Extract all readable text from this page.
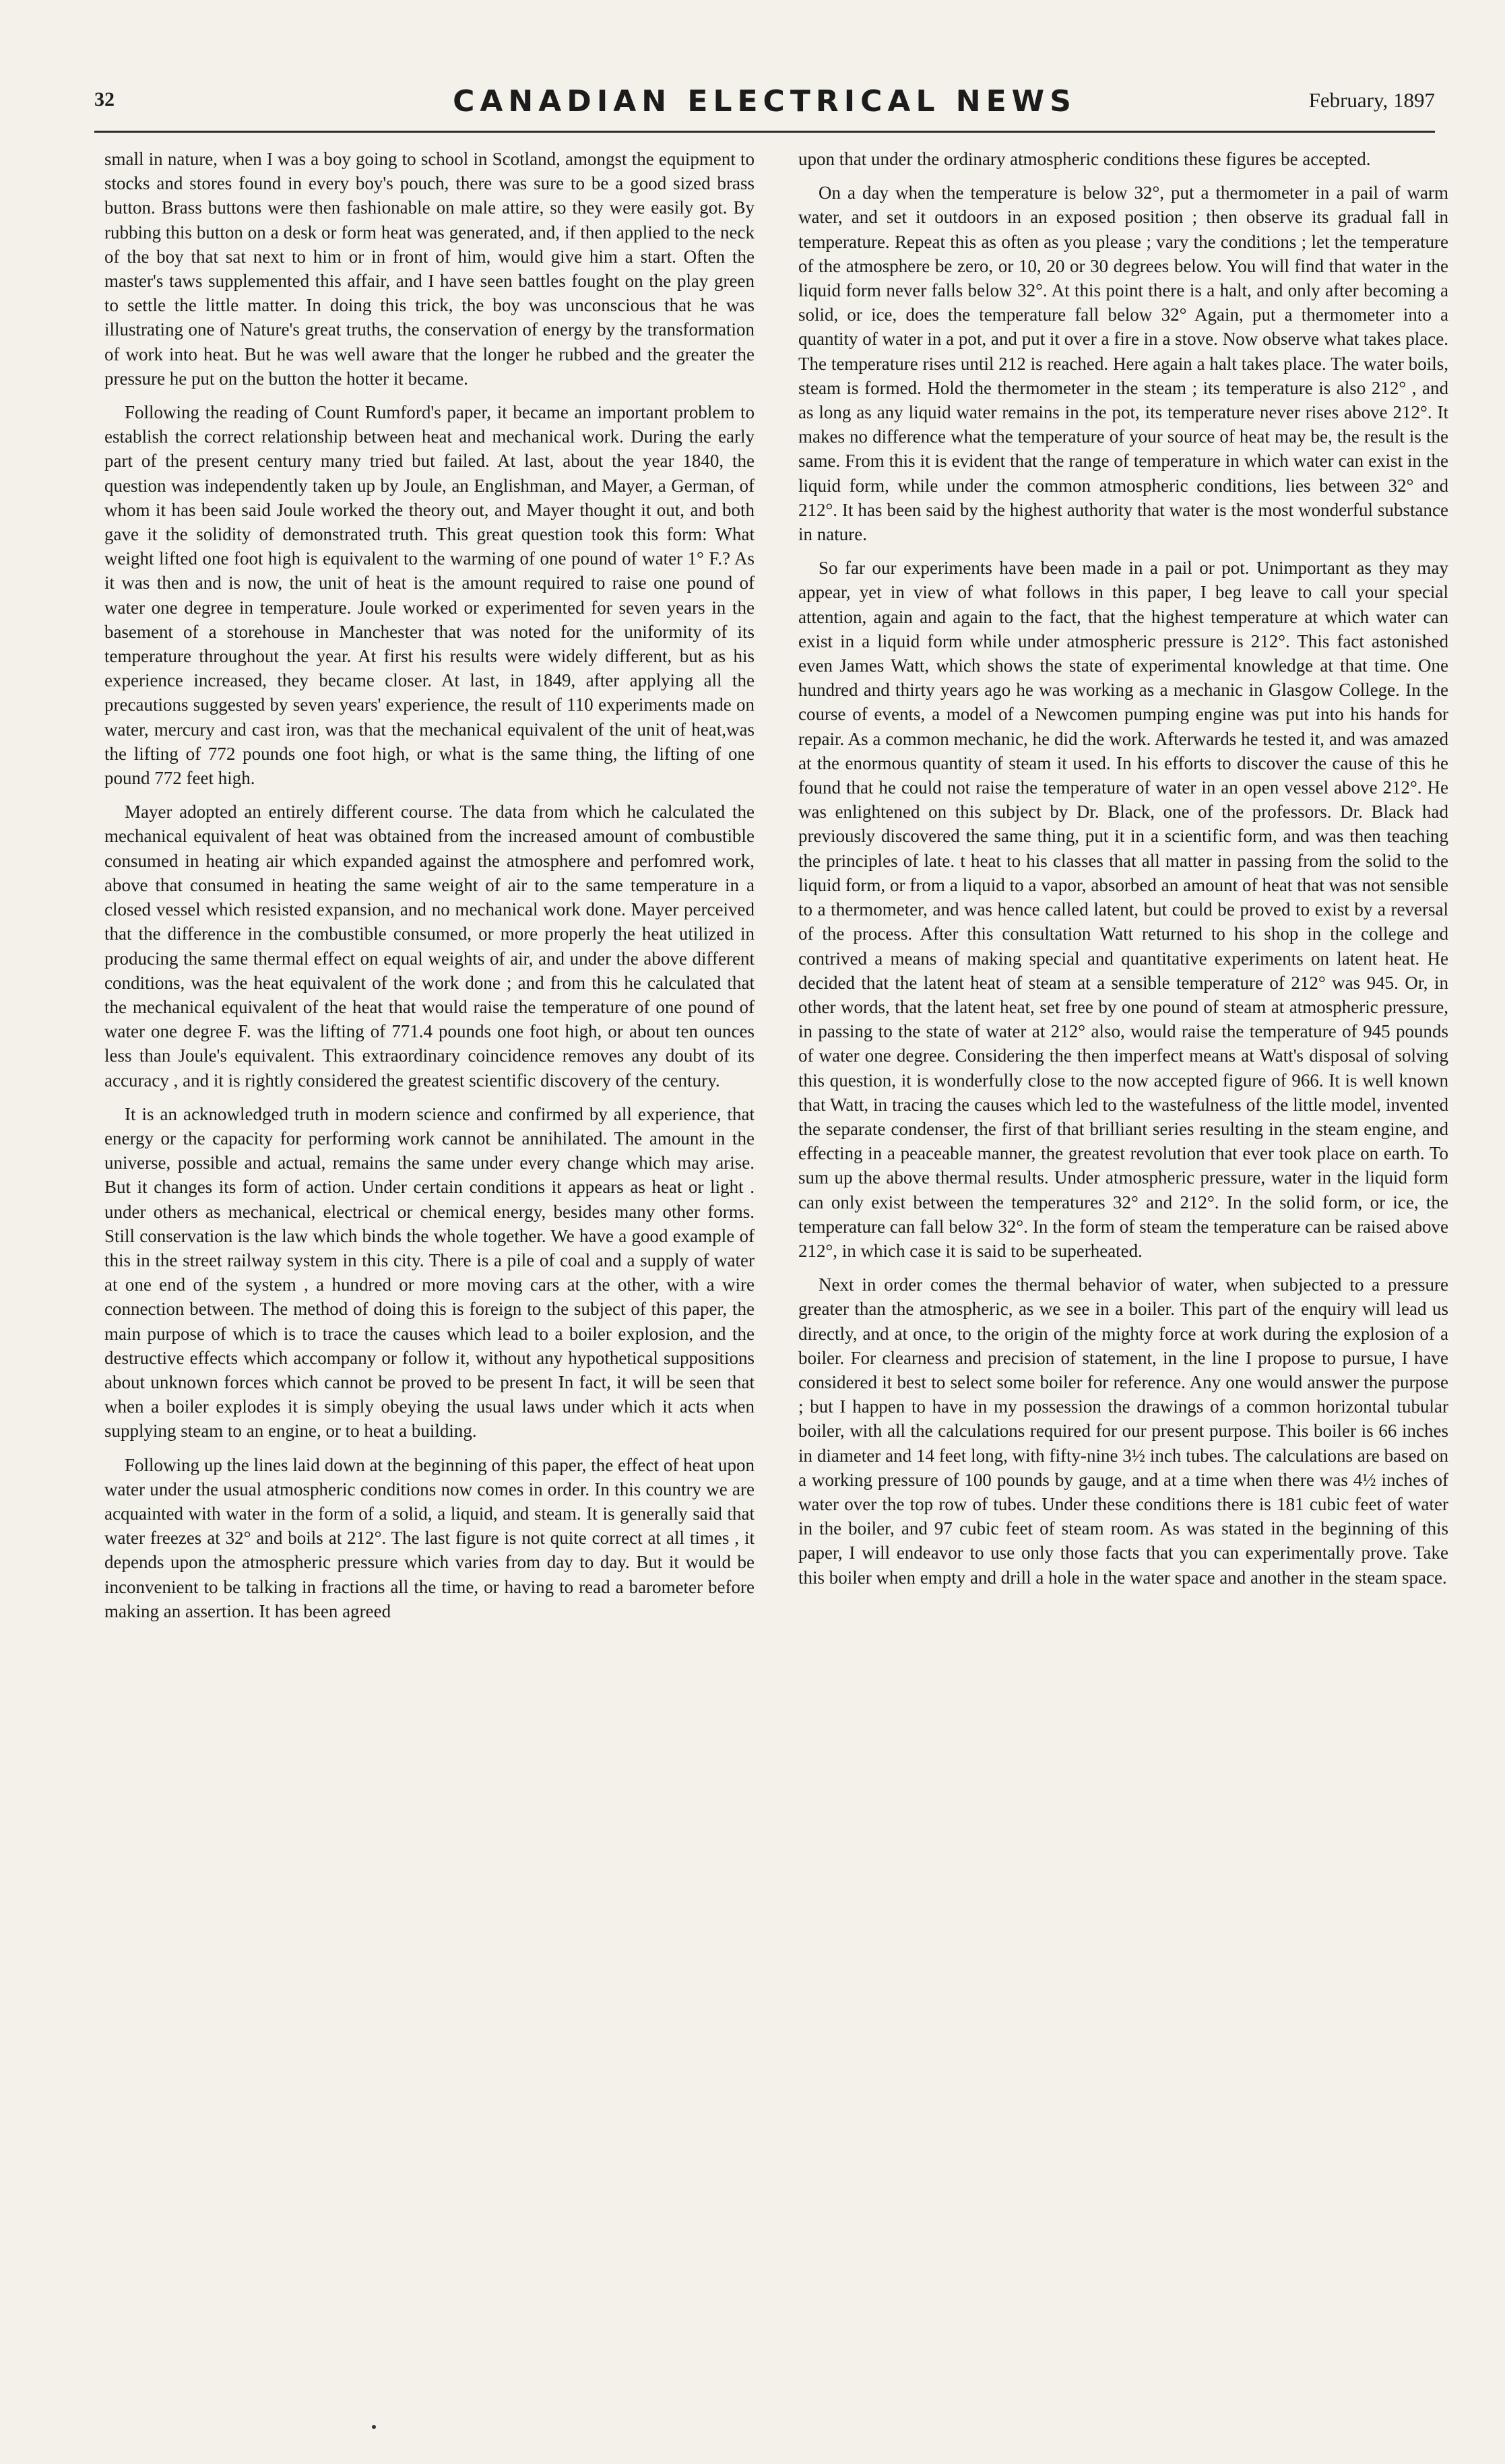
32	CANADIAN ELECTRICAL NEWS	February, 1897

small in nature, when I was a boy going to school in Scotland, amongst the equipment to stocks and stores found in every boy's pouch, there was sure to be a good sized brass button. Brass buttons were then fashionable on male attire, so they were easily got. By rubbing this button on a desk or form heat was generated, and, if then applied to the neck of the boy that sat next to him or in front of him, would give him a start. Often the master's taws supplemented this affair, and I have seen battles fought on the play green to settle the little matter. In doing this trick, the boy was unconscious that he was illustrating one of Nature's great truths, the conservation of energy by the transformation of work into heat. But he was well aware that the longer he rubbed and the greater the pressure he put on the button the hotter it became.

Following the reading of Count Rumford's paper, it became an important problem to establish the correct relationship between heat and mechanical work. During the early part of the present century many tried but failed. At last, about the year 1840, the question was independently taken up by Joule, an Englishman, and Mayer, a German, of whom it has been said Joule worked the theory out, and Mayer thought it out, and both gave it the solidity of demonstrated truth. This great question took this form: What weight lifted one foot high is equivalent to the warming of one pound of water 1° F.? As it was then and is now, the unit of heat is the amount required to raise one pound of water one degree in temperature. Joule worked or experimented for seven years in the basement of a storehouse in Manchester that was noted for the uniformity of its temperature throughout the year. At first his results were widely different, but as his experience increased, they became closer. At last, in 1849, after applying all the precautions suggested by seven years' experience, the result of 110 experiments made on water, mercury and cast iron, was that the mechanical equivalent of the unit of heat,was the lifting of 772 pounds one foot high, or what is the same thing, the lifting of one pound 772 feet high.

Mayer adopted an entirely different course. The data from which he calculated the mechanical equivalent of heat was obtained from the increased amount of combustible consumed in heating air which expanded against the atmosphere and perfomred work, above that consumed in heating the same weight of air to the same temperature in a closed vessel which resisted expansion, and no mechanical work done. Mayer perceived that the difference in the combustible consumed, or more properly the heat utilized in producing the same thermal effect on equal weights of air, and under the above different conditions, was the heat equivalent of the work done ; and from this he calculated that the mechanical equivalent of the heat that would raise the temperature of one pound of water one degree F. was the lifting of 771.4 pounds one foot high, or about ten ounces less than Joule's equivalent. This extraordinary coincidence removes any doubt of its accuracy , and it is rightly considered the greatest scientific discovery of the century.

It is an acknowledged truth in modern science and confirmed by all experience, that energy or the capacity for performing work cannot be annihilated. The amount in the universe, possible and actual, remains the same under every change which may arise. But it changes its form of action. Under certain conditions it appears as heat or light . under others as mechanical, electrical or chemical energy, besides many other forms. Still conservation is the law which binds the whole together. We have a good example of this in the street railway system in this city. There is a pile of coal and a supply of water at one end of the system , a hundred or more moving cars at the other, with a wire connection between. The method of doing this is foreign to the subject of this paper, the main purpose of which is to trace the causes which lead to a boiler explosion, and the destructive effects which accompany or follow it, without any hypothetical suppositions about unknown forces which cannot be proved to be present In fact, it will be seen that when a boiler explodes it is simply obeying the usual laws under which it acts when supplying steam to an engine, or to heat a building.

Following up the lines laid down at the beginning of this paper, the effect of heat upon water under the usual atmospheric conditions now comes in order. In this country we are acquainted with water in the form of a solid, a liquid, and steam. It is generally said that water freezes at 32° and boils at 212°. The last figure is not quite correct at all times , it depends upon the atmospheric pressure which varies from day to day. But it would be inconvenient to be talking in fractions all the time, or having to read a barometer before making an assertion. It has been agreed

upon that under the ordinary atmospheric conditions these figures be accepted.

On a day when the temperature is below 32°, put a thermometer in a pail of warm water, and set it outdoors in an exposed position ; then observe its gradual fall in temperature. Repeat this as often as you please ; vary the conditions ; let the temperature of the atmosphere be zero, or 10, 20 or 30 degrees below. You will find that water in the liquid form never falls below 32°. At this point there is a halt, and only after becoming a solid, or ice, does the temperature fall below 32° Again, put a thermometer into a quantity of water in a pot, and put it over a fire in a stove. Now observe what takes place. The temperature rises until 212 is reached. Here again a halt takes place. The water boils, steam is formed. Hold the thermometer in the steam ; its temperature is also 212° , and as long as any liquid water remains in the pot, its temperature never rises above 212°. It makes no difference what the temperature of your source of heat may be, the result is the same. From this it is evident that the range of temperature in which water can exist in the liquid form, while under the common atmospheric conditions, lies between 32° and 212°. It has been said by the highest authority that water is the most wonderful substance in nature.

So far our experiments have been made in a pail or pot. Unimportant as they may appear, yet in view of what follows in this paper, I beg leave to call your special attention, again and again to the fact, that the highest temperature at which water can exist in a liquid form while under atmospheric pressure is 212°. This fact astonished even James Watt, which shows the state of experimental knowledge at that time. One hundred and thirty years ago he was working as a mechanic in Glasgow College. In the course of events, a model of a Newcomen pumping engine was put into his hands for repair. As a common mechanic, he did the work. Afterwards he tested it, and was amazed at the enormous quantity of steam it used. In his efforts to discover the cause of this he found that he could not raise the temperature of water in an open vessel above 212°. He was enlightened on this subject by Dr. Black, one of the professors. Dr. Black had previously discovered the same thing, put it in a scientific form, and was then teaching the principles of late. t heat to his classes that all matter in passing from the solid to the liquid form, or from a liquid to a vapor, absorbed an amount of heat that was not sensible to a thermometer, and was hence called latent, but could be proved to exist by a reversal of the process. After this consultation Watt returned to his shop in the college and contrived a means of making special and quantitative experiments on latent heat. He decided that the latent heat of steam at a sensible temperature of 212° was 945. Or, in other words, that the latent heat, set free by one pound of steam at atmospheric pressure, in passing to the state of water at 212° also, would raise the temperature of 945 pounds of water one degree. Considering the then imperfect means at Watt's disposal of solving this question, it is wonderfully close to the now accepted figure of 966. It is well known that Watt, in tracing the causes which led to the wastefulness of the little model, invented the separate condenser, the first of that brilliant series resulting in the steam engine, and effecting in a peaceable manner, the greatest revolution that ever took place on earth. To sum up the above thermal results. Under atmospheric pressure, water in the liquid form can only exist between the temperatures 32° and 212°. In the solid form, or ice, the temperature can fall below 32°. In the form of steam the temperature can be raised above 212°, in which case it is said to be superheated.

Next in order comes the thermal behavior of water, when subjected to a pressure greater than the atmospheric, as we see in a boiler. This part of the enquiry will lead us directly, and at once, to the origin of the mighty force at work during the explosion of a boiler. For clearness and precision of statement, in the line I propose to pursue, I have considered it best to select some boiler for reference. Any one would answer the purpose ; but I happen to have in my possession the drawings of a common horizontal tubular boiler, with all the calculations required for our present purpose. This boiler is 66 inches in diameter and 14 feet long, with fifty-nine 3½ inch tubes. The calculations are based on a working pressure of 100 pounds by gauge, and at a time when there was 4½ inches of water over the top row of tubes. Under these conditions there is 181 cubic feet of water in the boiler, and 97 cubic feet of steam room. As was stated in the beginning of this paper, I will endeavor to use only those facts that you can experimentally prove. Take this boiler when empty and drill a hole in the water space and another in the steam space.
